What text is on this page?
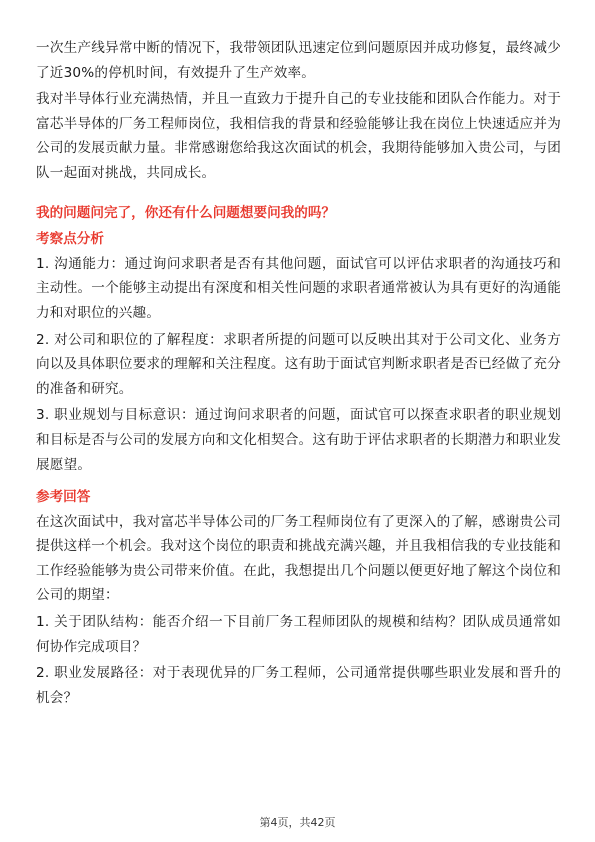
一次生产线异常中断的情况下，我带领团队迅速定位到问题原因并成功修复，最终减少了近30%的停机时间，有效提升了生产效率。

我对半导体行业充满热情，并且一直致力于提升自己的专业技能和团队合作能力。对于富芯半导体的厂务工程师岗位，我相信我的背景和经验能够让我在岗位上快速适应并为公司的发展贡献力量。非常感谢您给我这次面试的机会，我期待能够加入贵公司，与团队一起面对挑战，共同成长。

我的问题问完了，你还有什么问题想要问我的吗？

考察点分析

1. 沟通能力：通过询问求职者是否有其他问题，面试官可以评估求职者的沟通技巧和主动性。一个能够主动提出有深度和相关性问题的求职者通常被认为具有更好的沟通能力和对职位的兴趣。

2. 对公司和职位的了解程度：求职者所提的问题可以反映出其对于公司文化、业务方向以及具体职位要求的理解和关注程度。这有助于面试官判断求职者是否已经做了充分的准备和研究。

3. 职业规划与目标意识：通过询问求职者的问题，面试官可以探查求职者的职业规划和目标是否与公司的发展方向和文化相契合。这有助于评估求职者的长期潜力和职业发展愿望。

参考回答

在这次面试中，我对富芯半导体公司的厂务工程师岗位有了更深入的了解，感谢贵公司提供这样一个机会。我对这个岗位的职责和挑战充满兴趣，并且我相信我的专业技能和工作经验能够为贵公司带来价值。在此，我想提出几个问题以便更好地了解这个岗位和公司的期望：

1. 关于团队结构：能否介绍一下目前厂务工程师团队的规模和结构？团队成员通常如何协作完成项目？

2. 职业发展路径：对于表现优异的厂务工程师，公司通常提供哪些职业发展和晋升的机会？

第4页，共42页
